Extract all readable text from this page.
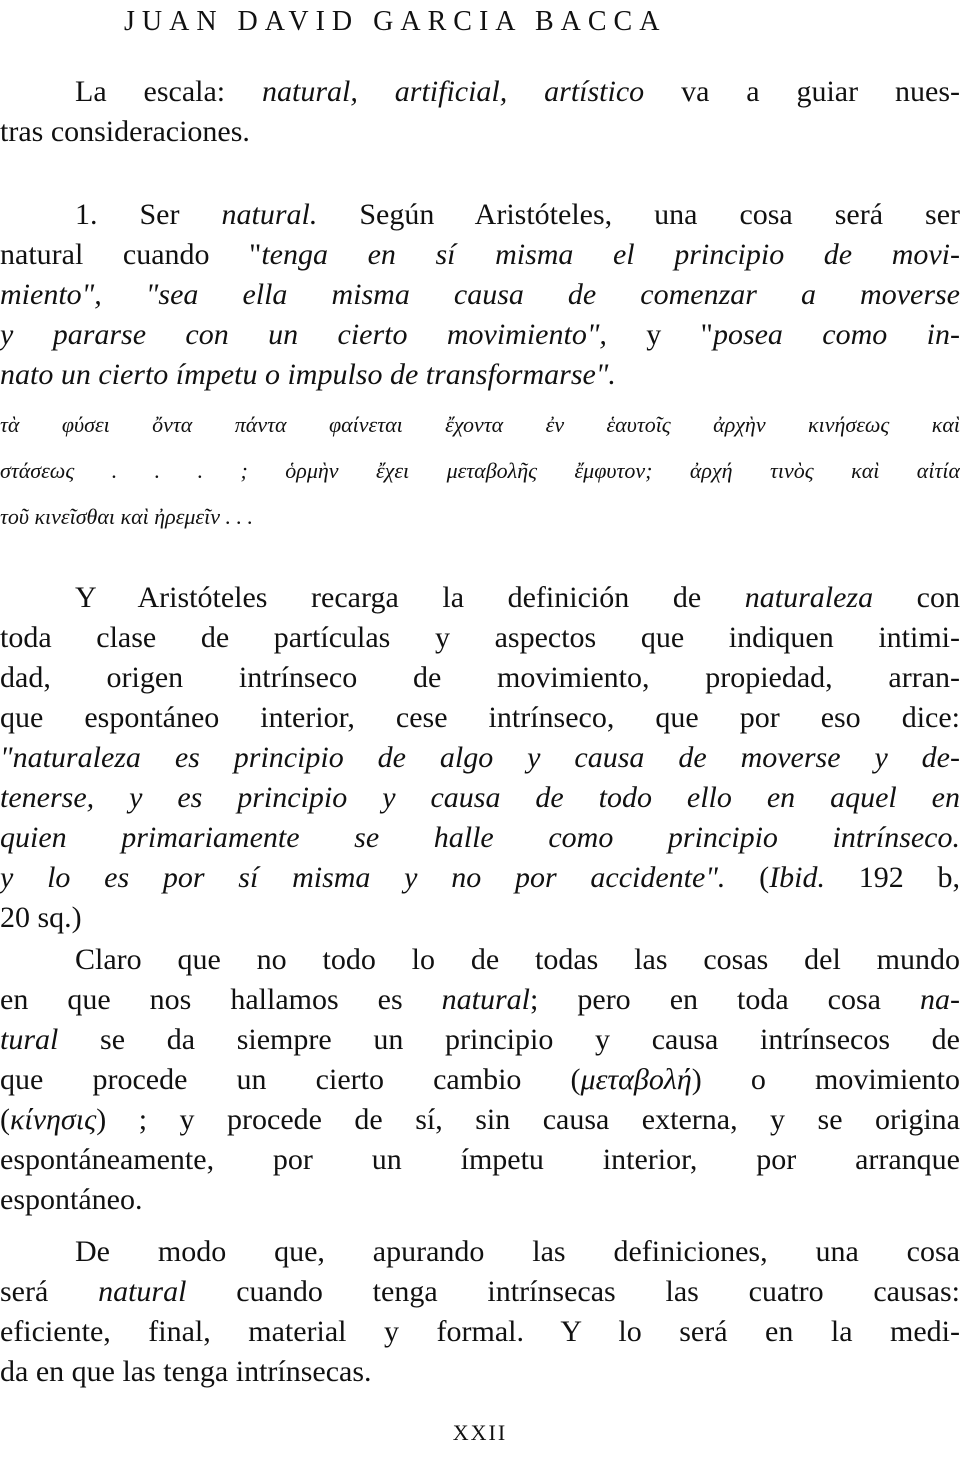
JUAN DAVID GARCIA BACCA

La escala: natural, artificial, artístico va a guiar nues-
tras consideraciones.

1. Ser natural. Según Aristóteles, una cosa será ser
natural cuando "tenga en sí misma el principio de movi-
miento", "sea ella misma causa de comenzar a moverse
y pararse con un cierto movimiento", y "posea como in-
nato un cierto ímpetu o impulso de transformarse".

τὰ φύσει ὄντα πάντα φαίνεται ἔχοντα ἐν ἑαυτοῖς ἀρχὴν κινήσεως καὶ
στάσεως . . . ; ὁρμὴν ἔχει μεταβολῆς ἔμφυτον; ἀρχή τινὸς καὶ αἰτία
τοῦ κινεῖσθαι καὶ ἠρεμεῖν . . .

Y Aristóteles recarga la definición de naturaleza con
toda clase de partículas y aspectos que indiquen intimi-
dad, origen intrínseco de movimiento, propiedad, arran-
que espontáneo interior, cese intrínseco, que por eso dice:
"naturaleza es principio de algo y causa de moverse y de-
tenerse, y es principio y causa de todo ello en aquel en
quien primariamente se halle como principio intrínseco.
y lo es por sí misma y no por accidente". (Ibid. 192 b,
20 sq.)

Claro que no todo lo de todas las cosas del mundo
en que nos hallamos es natural; pero en toda cosa na-
tural se da siempre un principio y causa intrínsecos de
que procede un cierto cambio (μεταβολή) o movimiento
(κίνησις) ; y procede de sí, sin causa externa, y se origina
espontáneamente, por un ímpetu interior, por arranque
espontáneo.

De modo que, apurando las definiciones, una cosa
será natural cuando tenga intrínsecas las cuatro causas:
eficiente, final, material y formal. Y lo será en la medi-
da en que las tenga intrínsecas.

XXII
